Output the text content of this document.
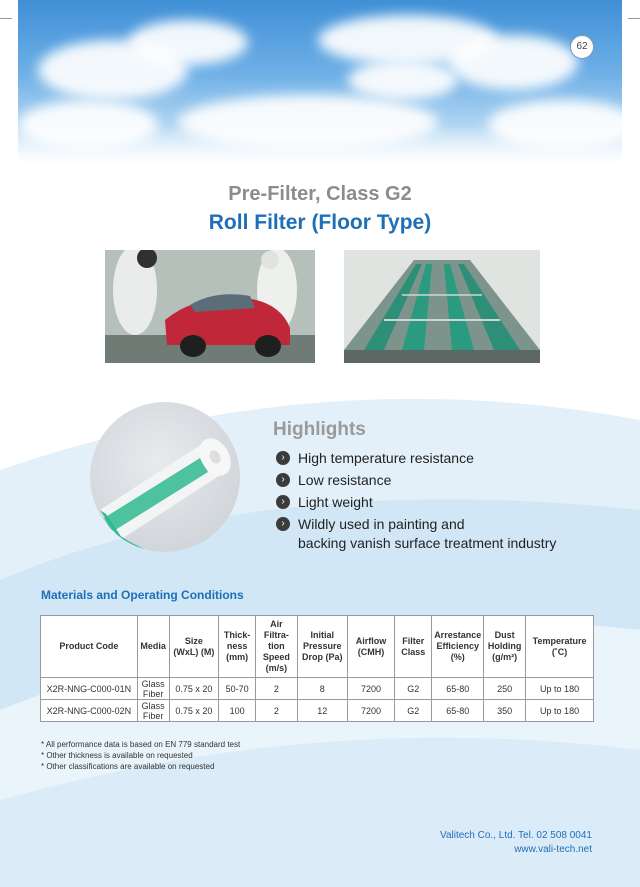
62
Pre-Filter, Class G2
Roll Filter (Floor Type)
Highlights
› High temperature resistance
› Low resistance
› Light weight
› Wildly used in painting and
backing vanish surface treatment industry
Materials and Operating Conditions
Product Code	Media	Size (WxL) (M)	Thick-ness (mm)	Air Filtra-tion Speed (m/s)	Initial Pressure Drop (Pa)	Airflow (CMH)	Filter Class	Arrestance Efficiency (%)	Dust Holding (g/m²)	Temperature (˚C)
X2R-NNG-C000-01N	Glass Fiber	0.75 x 20	50-70	2	8	7200	G2	65-80	250	Up to 180
X2R-NNG-C000-02N	Glass Fiber	0.75 x 20	100	2	12	7200	G2	65-80	350	Up to 180
* All performance data is based on EN 779 standard test
* Other thickness is available on requested
* Other classifications are available on requested
Valitech Co., Ltd. Tel. 02 508 0041
www.vali-tech.net
